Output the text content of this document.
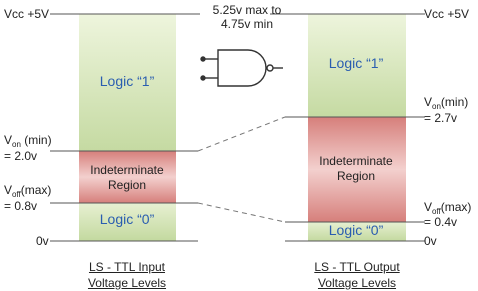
5.25v max to
4.75v min
Vcc +5V
$V_{on}$ (min)
= 2.0v
$V_{off}(\max)$
= 0.8v
0v
Logic “1”
Indeterminate
Region
Logic “0”
LS - TTL Input
Voltage Levels
Vcc +5V
$V_{on}(\min)$
= 2.7v
$V_{off}(\max)$
= 0.4v
0v
Logic “1”
Indeterminate
Region
Logic “0”
LS - TTL Output
Voltage Levels
